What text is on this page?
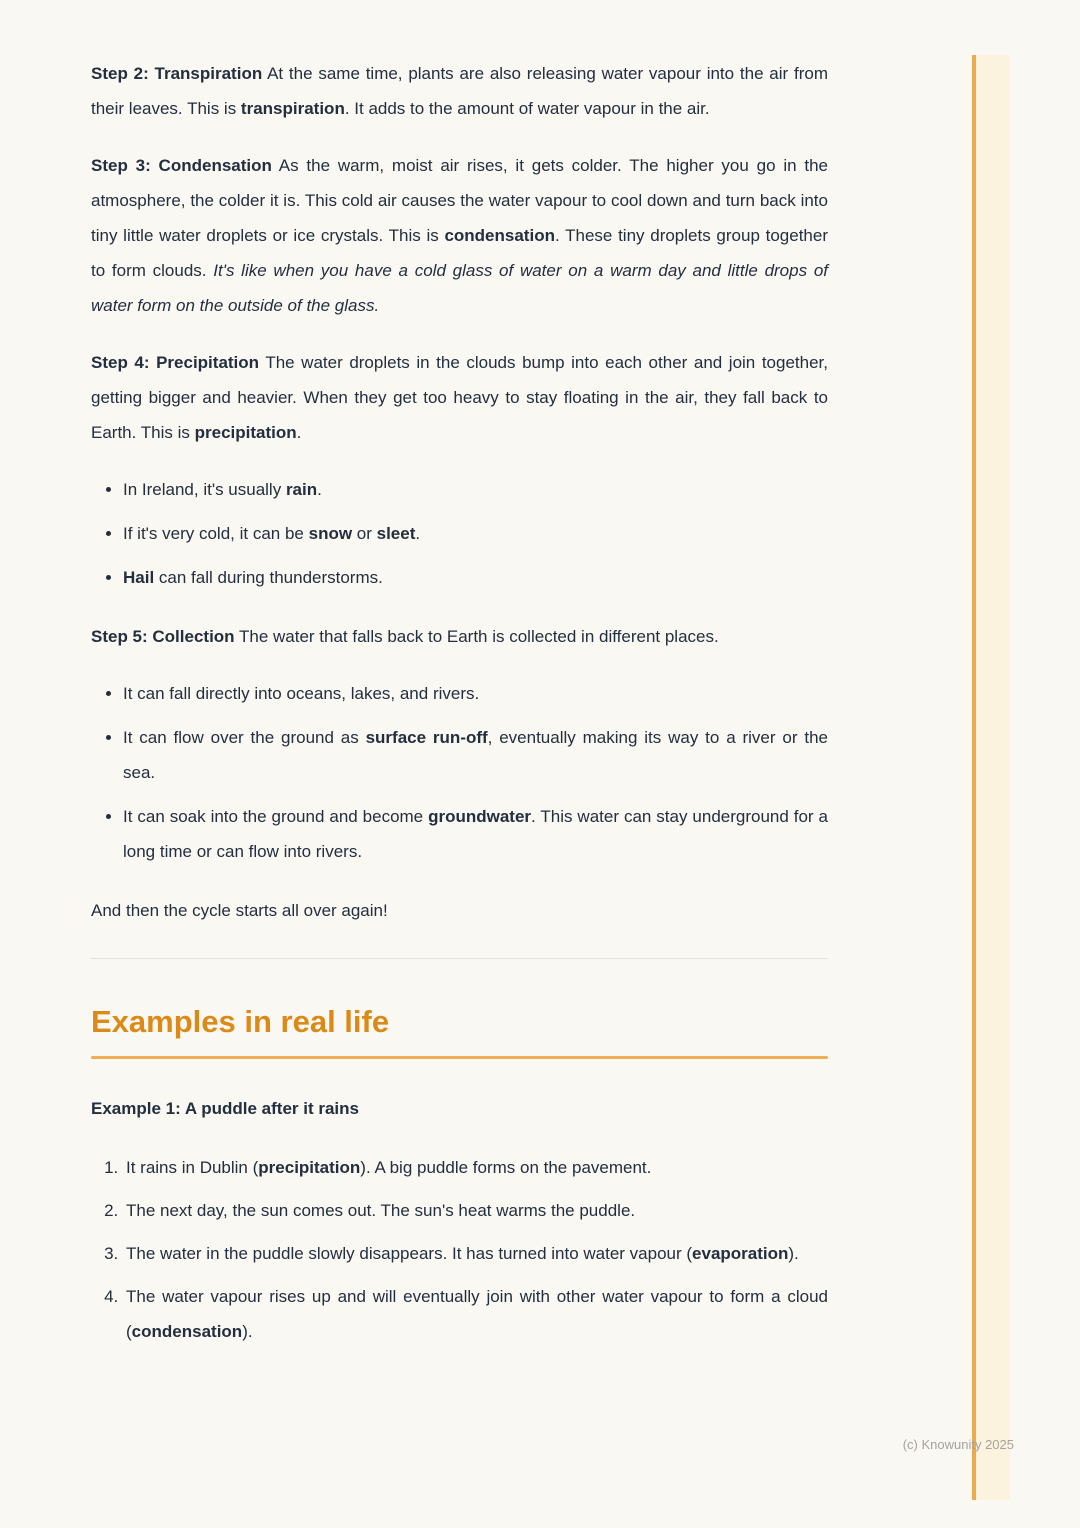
Step 2: Transpiration At the same time, plants are also releasing water vapour into the air from their leaves. This is transpiration. It adds to the amount of water vapour in the air.

Step 3: Condensation As the warm, moist air rises, it gets colder. The higher you go in the atmosphere, the colder it is. This cold air causes the water vapour to cool down and turn back into tiny little water droplets or ice crystals. This is condensation. These tiny droplets group together to form clouds. It's like when you have a cold glass of water on a warm day and little drops of water form on the outside of the glass.

Step 4: Precipitation The water droplets in the clouds bump into each other and join together, getting bigger and heavier. When they get too heavy to stay floating in the air, they fall back to Earth. This is precipitation.

• In Ireland, it's usually rain.
• If it's very cold, it can be snow or sleet.
• Hail can fall during thunderstorms.

Step 5: Collection The water that falls back to Earth is collected in different places.

• It can fall directly into oceans, lakes, and rivers.
• It can flow over the ground as surface run-off, eventually making its way to a river or the sea.
• It can soak into the ground and become groundwater. This water can stay underground for a long time or can flow into rivers.

And then the cycle starts all over again!

Examples in real life

Example 1: A puddle after it rains

1. It rains in Dublin (precipitation). A big puddle forms on the pavement.
2. The next day, the sun comes out. The sun's heat warms the puddle.
3. The water in the puddle slowly disappears. It has turned into water vapour (evaporation).
4. The water vapour rises up and will eventually join with other water vapour to form a cloud (condensation).
(c) Knowunity 2025
